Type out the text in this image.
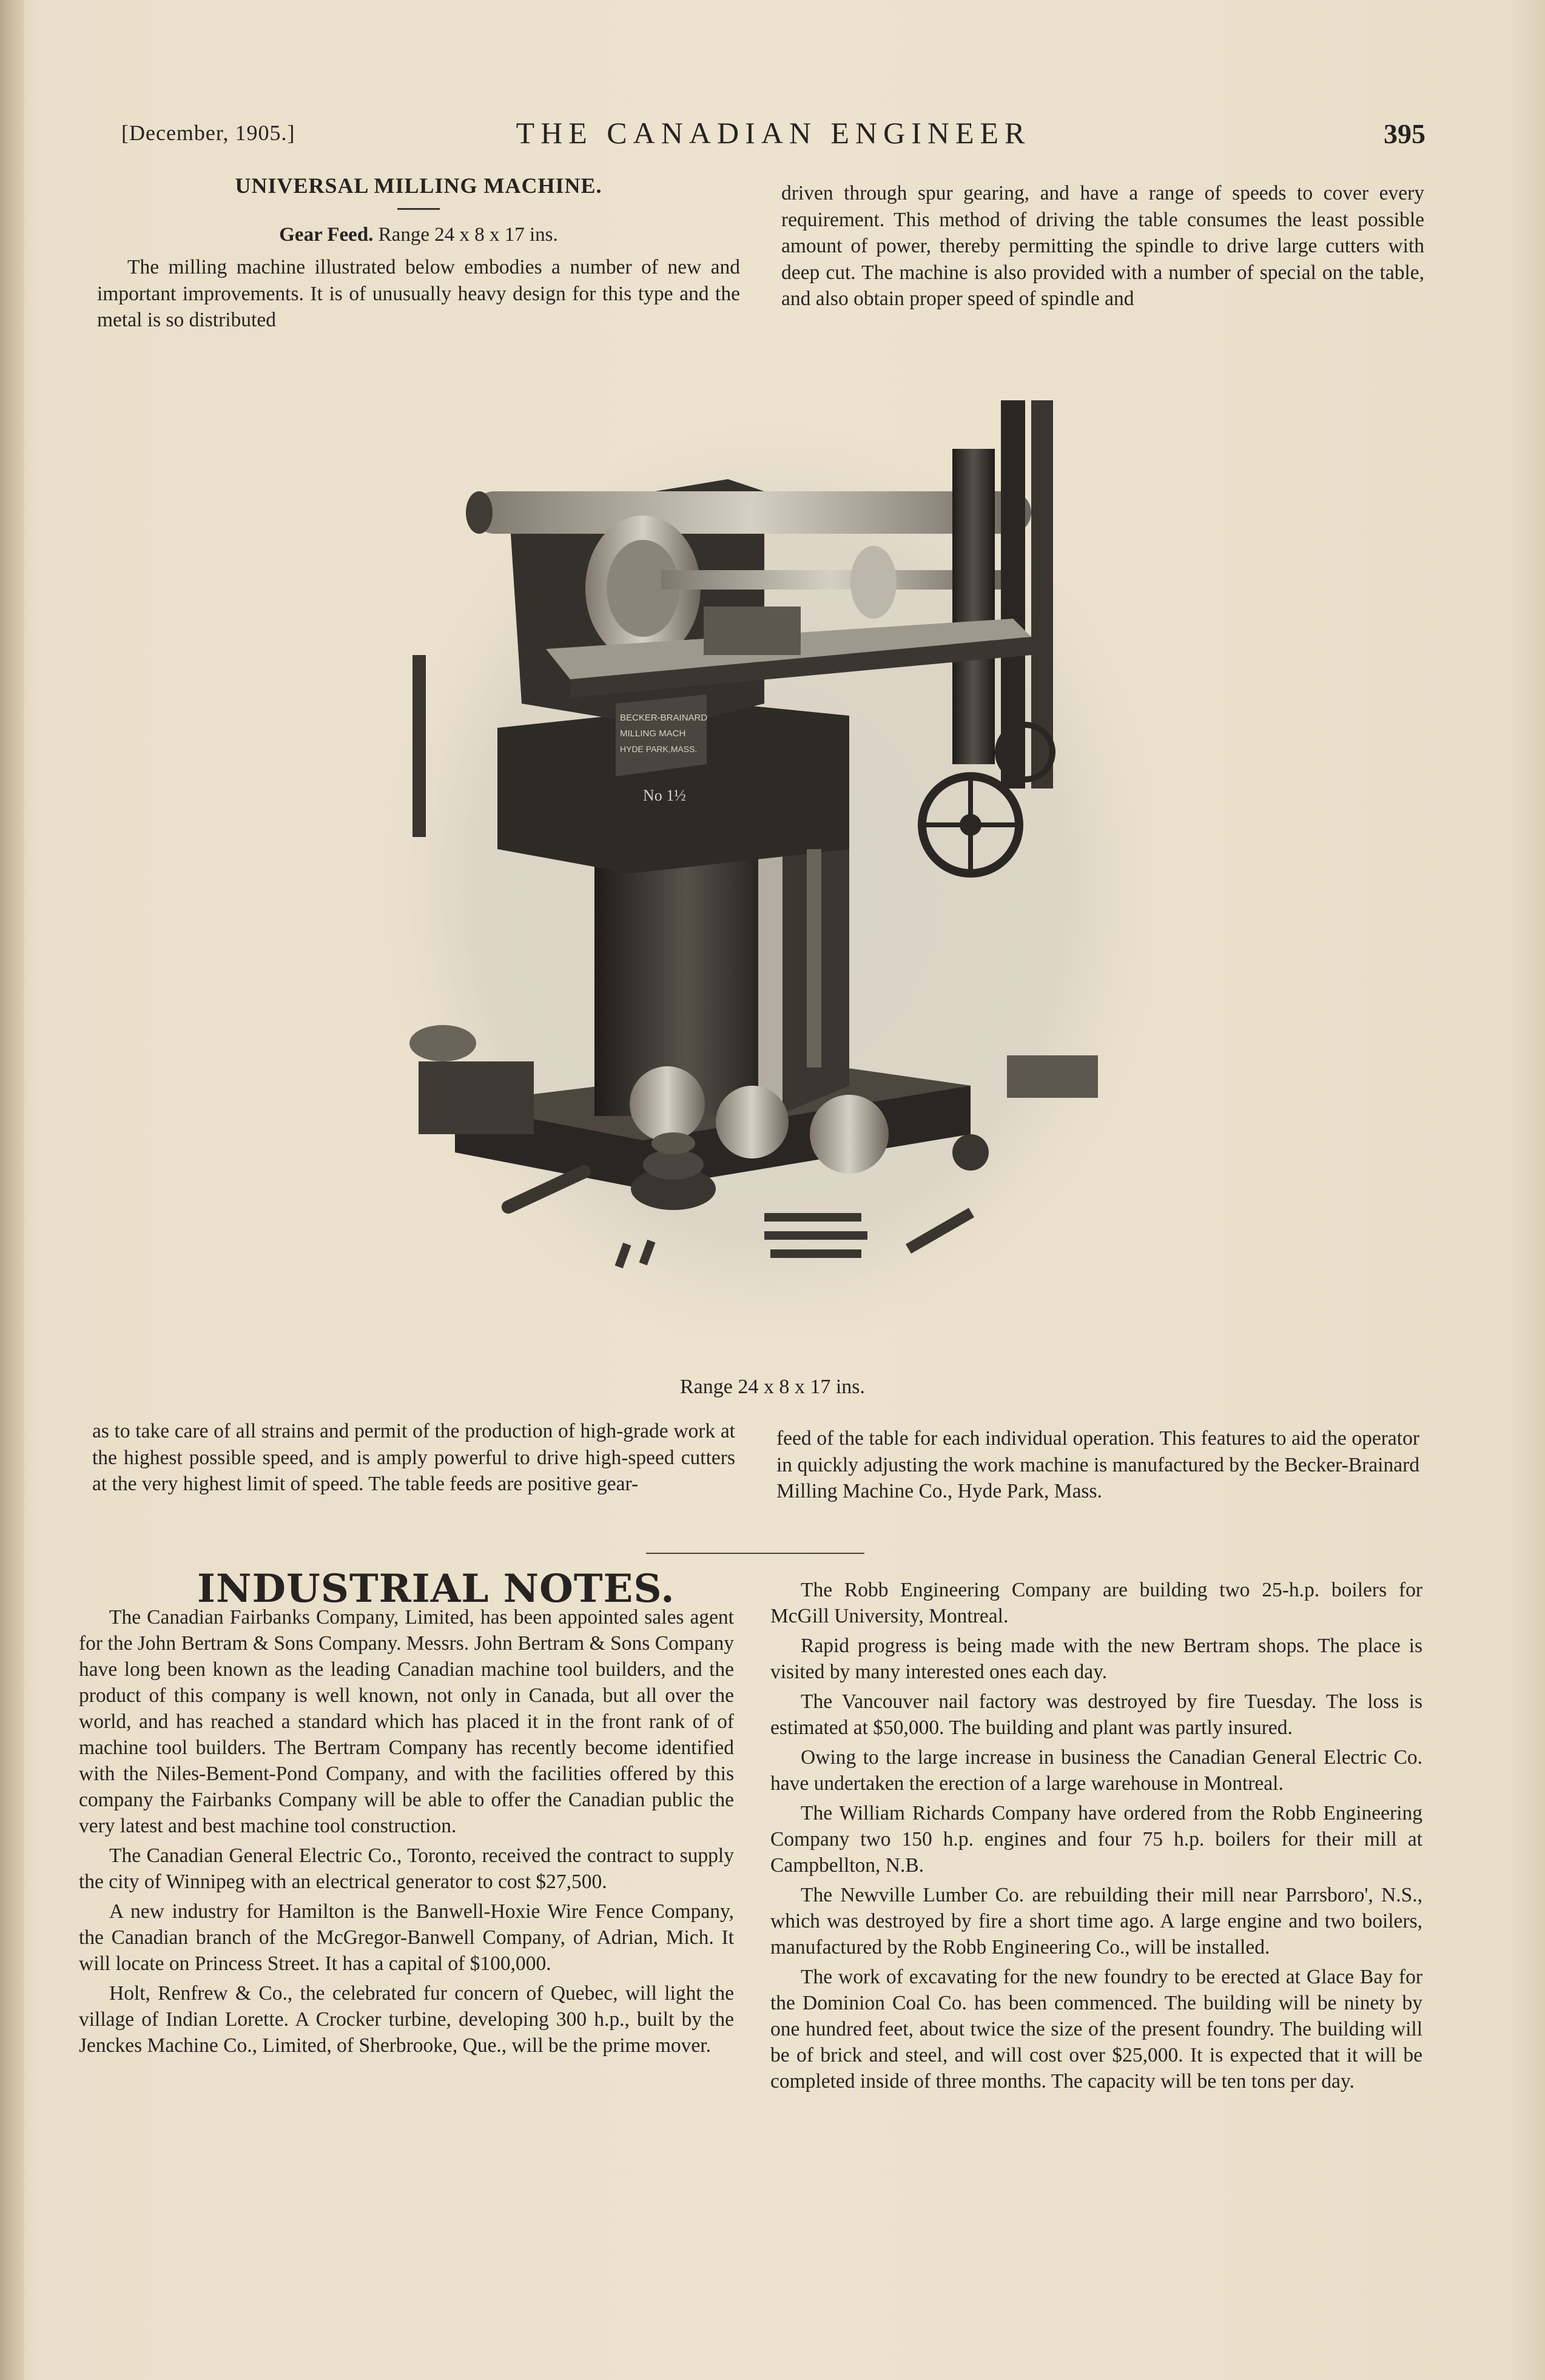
[December, 1905.]	THE CANADIAN ENGINEER	395
UNIVERSAL MILLING MACHINE.
Gear Feed. Range 24 x 8 x 17 ins.

The milling machine illustrated below embodies a number of new and important improvements. It is of unusually heavy design for this type and the metal is so distributed

driven through spur gearing, and have a range of speeds to cover every requirement. This method of driving the table consumes the least possible amount of power, thereby permitting the spindle to drive large cutters with deep cut. The machine is also provided with a number of special on the table, and also obtain proper speed of spindle and

BECKER-BRAINARD
MILLING MACH
HYDE PARK,MASS.
No 1½
Range 24 x 8 x 17 ins.

as to take care of all strains and permit of the production of high-grade work at the highest possible speed, and is amply powerful to drive high-speed cutters at the very highest limit of speed. The table feeds are positive gear-

feed of the table for each individual operation. This features to aid the operator in quickly adjusting the work machine is manufactured by the Becker-Brainard Milling Machine Co., Hyde Park, Mass.

INDUSTRIAL NOTES.

The Canadian Fairbanks Company, Limited, has been appointed sales agent for the John Bertram & Sons Company. Messrs. John Bertram & Sons Company have long been known as the leading Canadian machine tool builders, and the product of this company is well known, not only in Canada, but all over the world, and has reached a standard which has placed it in the front rank of of machine tool builders. The Bertram Company has recently become identified with the Niles-Bement-Pond Company, and with the facilities offered by this company the Fairbanks Company will be able to offer the Canadian public the very latest and best machine tool construction.

The Canadian General Electric Co., Toronto, received the contract to supply the city of Winnipeg with an electrical generator to cost $27,500.

A new industry for Hamilton is the Banwell-Hoxie Wire Fence Company, the Canadian branch of the McGregor-Banwell Company, of Adrian, Mich. It will locate on Princess Street. It has a capital of $100,000.

Holt, Renfrew & Co., the celebrated fur concern of Quebec, will light the village of Indian Lorette. A Crocker turbine, developing 300 h.p., built by the Jenckes Machine Co., Limited, of Sherbrooke, Que., will be the prime mover.

The Robb Engineering Company are building two 25-h.p. boilers for McGill University, Montreal.

Rapid progress is being made with the new Bertram shops. The place is visited by many interested ones each day.

The Vancouver nail factory was destroyed by fire Tuesday. The loss is estimated at $50,000. The building and plant was partly insured.

Owing to the large increase in business the Canadian General Electric Co. have undertaken the erection of a large warehouse in Montreal.

The William Richards Company have ordered from the Robb Engineering Company two 150 h.p. engines and four 75 h.p. boilers for their mill at Campbellton, N.B.

The Newville Lumber Co. are rebuilding their mill near Parrsboro', N.S., which was destroyed by fire a short time ago. A large engine and two boilers, manufactured by the Robb Engineering Co., will be installed.

The work of excavating for the new foundry to be erected at Glace Bay for the Dominion Coal Co. has been commenced. The building will be ninety by one hundred feet, about twice the size of the present foundry. The building will be of brick and steel, and will cost over $25,000. It is expected that it will be completed inside of three months. The capacity will be ten tons per day.
